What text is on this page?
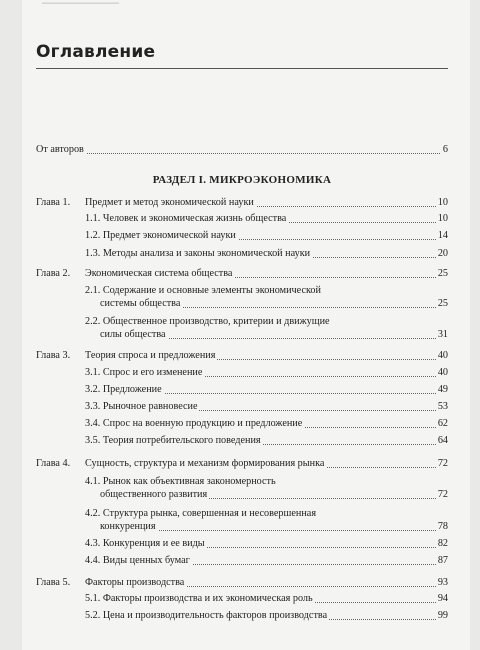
▔▔▔▔▔▔▔▔▔▔
Оглавление
От авторов	6
РАЗДЕЛ I. МИКРОЭКОНОМИКА
Глава 1. Предмет и метод экономической науки	10
1.1. Человек и экономическая жизнь общества	10
1.2. Предмет экономической науки	14
1.3. Методы анализа и законы экономической науки	20
Глава 2. Экономическая система общества	25
2.1. Содержание и основные элементы экономической
системы общества	25
2.2. Общественное производство, критерии и движущие
силы общества	31
Глава 3. Теория спроса и предложения	40
3.1. Спрос и его изменение	40
3.2. Предложение	49
3.3. Рыночное равновесие	53
3.4. Спрос на военную продукцию и предложение	62
3.5. Теория потребительского поведения	64
Глава 4. Сущность, структура и механизм формирования рынка	72
4.1. Рынок как объективная закономерность
общественного развития	72
4.2. Структура рынка, совершенная и несовершенная
конкуренция	78
4.3. Конкуренция и ее виды	82
4.4. Виды ценных бумаг	87
Глава 5. Факторы производства	93
5.1. Факторы производства и их экономическая роль	94
5.2. Цена и производительность факторов производства	99
